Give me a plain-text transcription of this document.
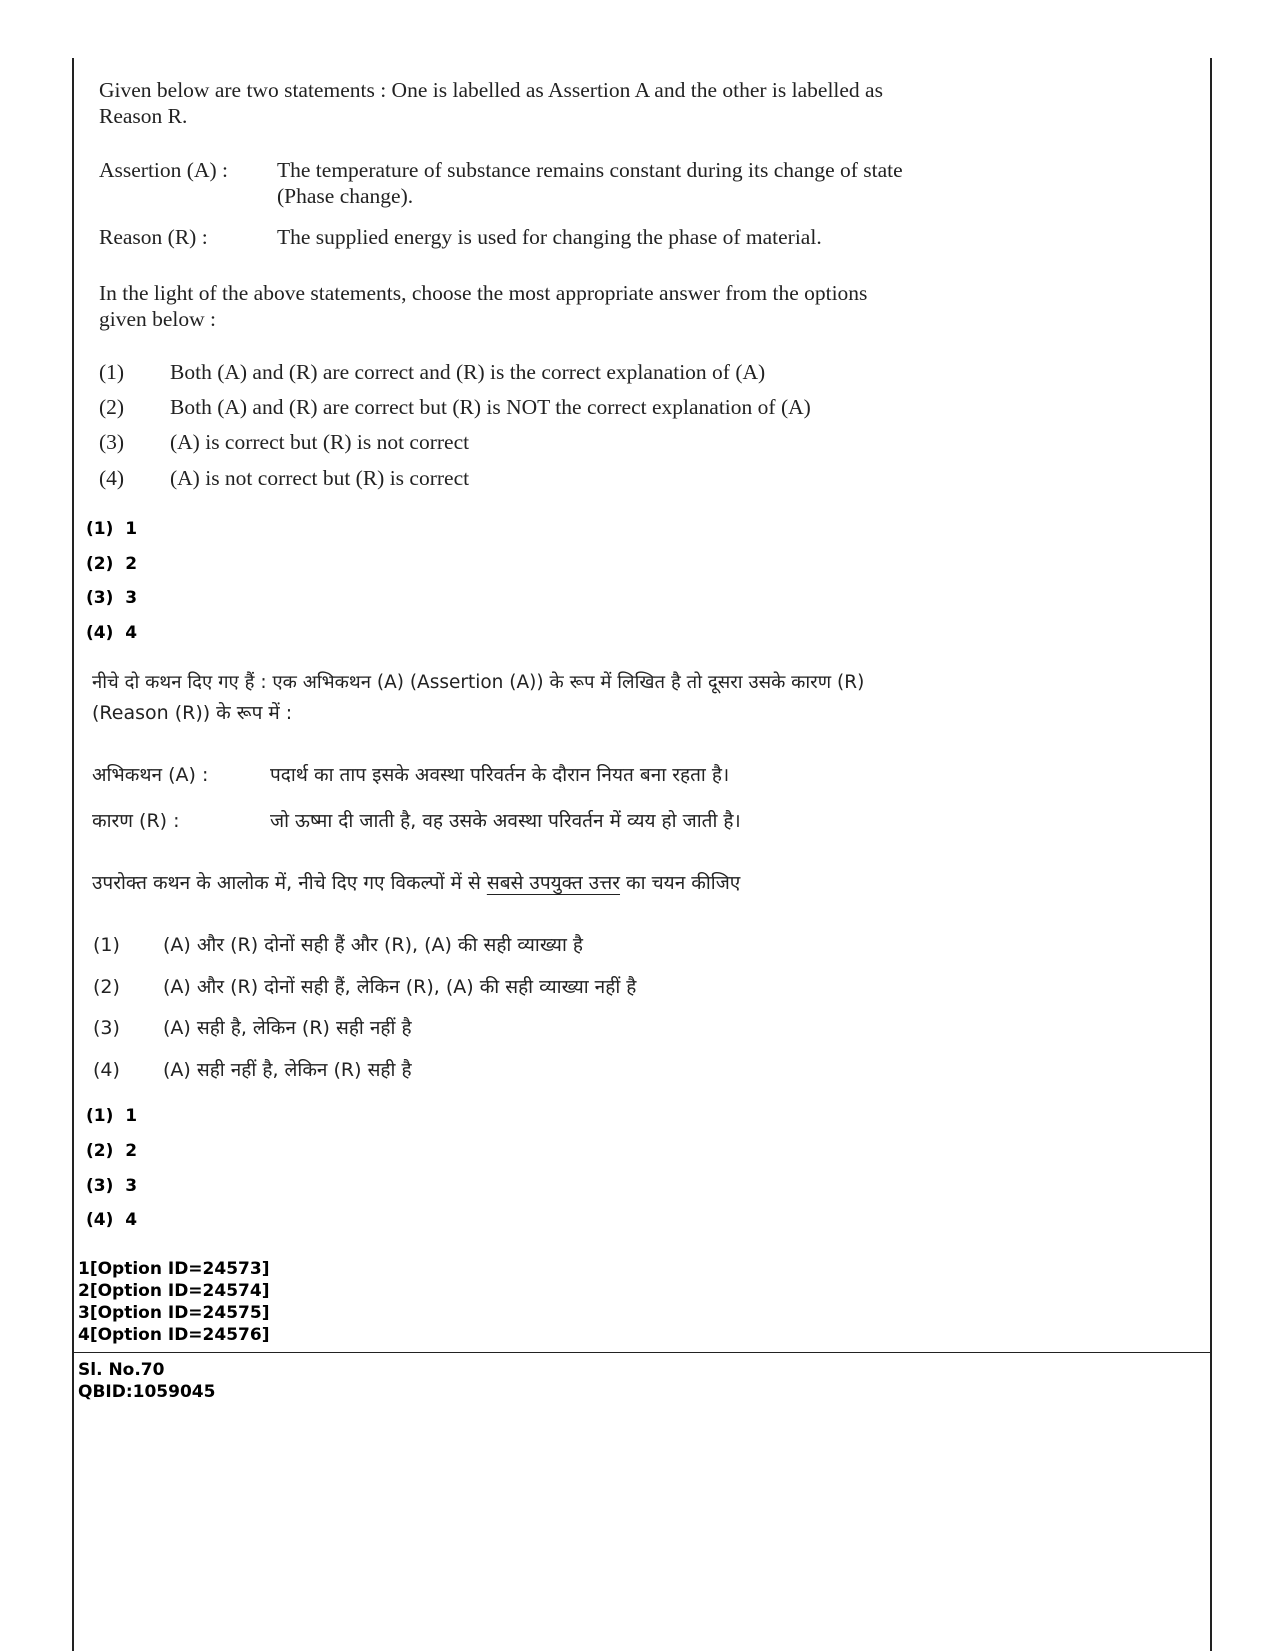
Given below are two statements : One is labelled as Assertion A and the other is labelled as
Reason R.
Assertion (A) : The temperature of substance remains constant during its change of state
(Phase change).
Reason (R) :	The supplied energy is used for changing the phase of material.
In the light of the above statements, choose the most appropriate answer from the options
given below :
(1) Both (A) and (R) are correct and (R) is the correct explanation of (A)
(2) Both (A) and (R) are correct but (R) is NOT the correct explanation of (A)
(3) (A) is correct but (R) is not correct
(4) (A) is not correct but (R) is correct
(1)  1
(2)  2
(3)  3
(4)  4
नीचे दो कथन दिए गए हैं : एक अभिकथन (A) (Assertion (A)) के रूप में लिखित है तो दूसरा उसके कारण (R)
(Reason (R)) के रूप में :
अभिकथन (A) :	पदार्थ का ताप इसके अवस्था परिवर्तन के दौरान नियत बना रहता है।
कारण (R) :	जो ऊष्मा दी जाती है, वह उसके अवस्था परिवर्तन में व्यय हो जाती है।
उपरोक्त कथन के आलोक में, नीचे दिए गए विकल्पों में से सबसे उपयुक्त उत्तर का चयन कीजिए
(1) (A) और (R) दोनों सही हैं और (R), (A) की सही व्याख्या है
(2) (A) और (R) दोनों सही हैं, लेकिन (R), (A) की सही व्याख्या नहीं है
(3) (A) सही है, लेकिन (R) सही नहीं है
(4) (A) सही नहीं है, लेकिन (R) सही है
(1)  1
(2)  2
(3)  3
(4)  4
1[Option ID=24573]
2[Option ID=24574]
3[Option ID=24575]
4[Option ID=24576]
Sl. No.70
QBID:1059045
